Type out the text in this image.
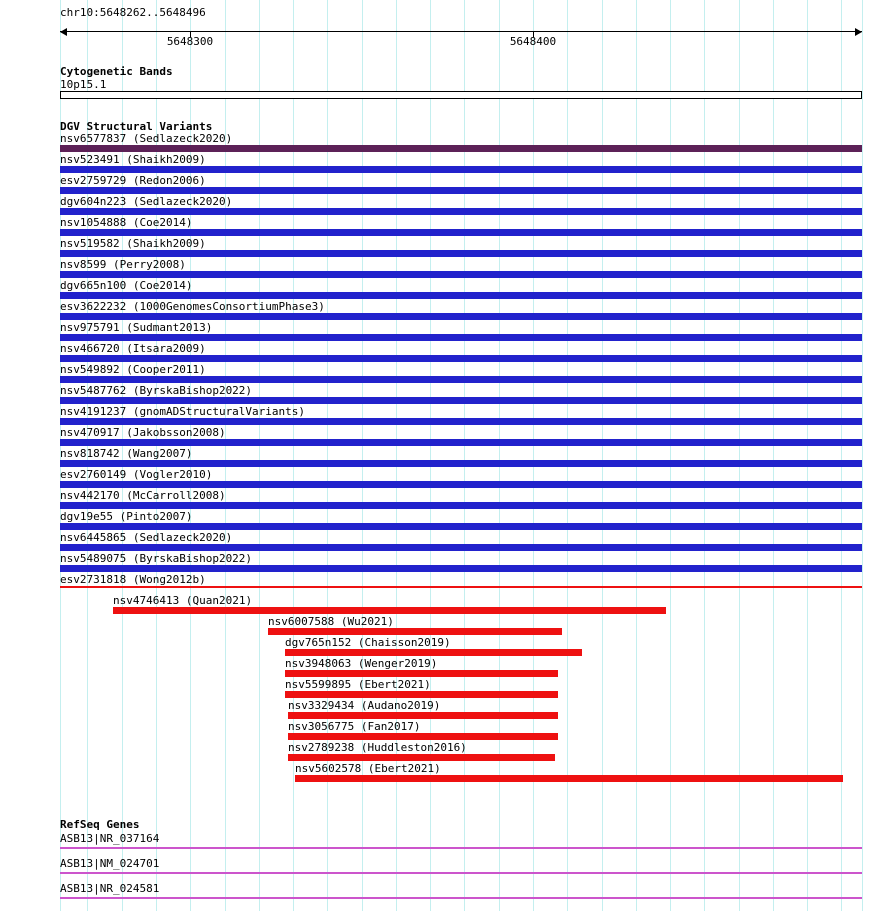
chr10:5648262..5648496
5648300	5648400
Cytogenetic Bands
10p15.1
DGV Structural Variants
nsv6577837 (Sedlazeck2020)
nsv523491 (Shaikh2009)
esv2759729 (Redon2006)
dgv604n223 (Sedlazeck2020)
nsv1054888 (Coe2014)
nsv519582 (Shaikh2009)
nsv8599 (Perry2008)
dgv665n100 (Coe2014)
esv3622232 (1000GenomesConsortiumPhase3)
nsv975791 (Sudmant2013)
nsv466720 (Itsara2009)
nsv549892 (Cooper2011)
nsv5487762 (ByrskaBishop2022)
nsv4191237 (gnomADStructuralVariants)
nsv470917 (Jakobsson2008)
nsv818742 (Wang2007)
esv2760149 (Vogler2010)
nsv442170 (McCarroll2008)
dgv19e55 (Pinto2007)
nsv6445865 (Sedlazeck2020)
nsv5489075 (ByrskaBishop2022)
esv2731818 (Wong2012b)
nsv4746413 (Quan2021)
nsv6007588 (Wu2021)
dgv765n152 (Chaisson2019)
nsv3948063 (Wenger2019)
nsv5599895 (Ebert2021)
nsv3329434 (Audano2019)
nsv3056775 (Fan2017)
nsv2789238 (Huddleston2016)
nsv5602578 (Ebert2021)
RefSeq Genes
ASB13|NR_037164
ASB13|NM_024701
ASB13|NR_024581
